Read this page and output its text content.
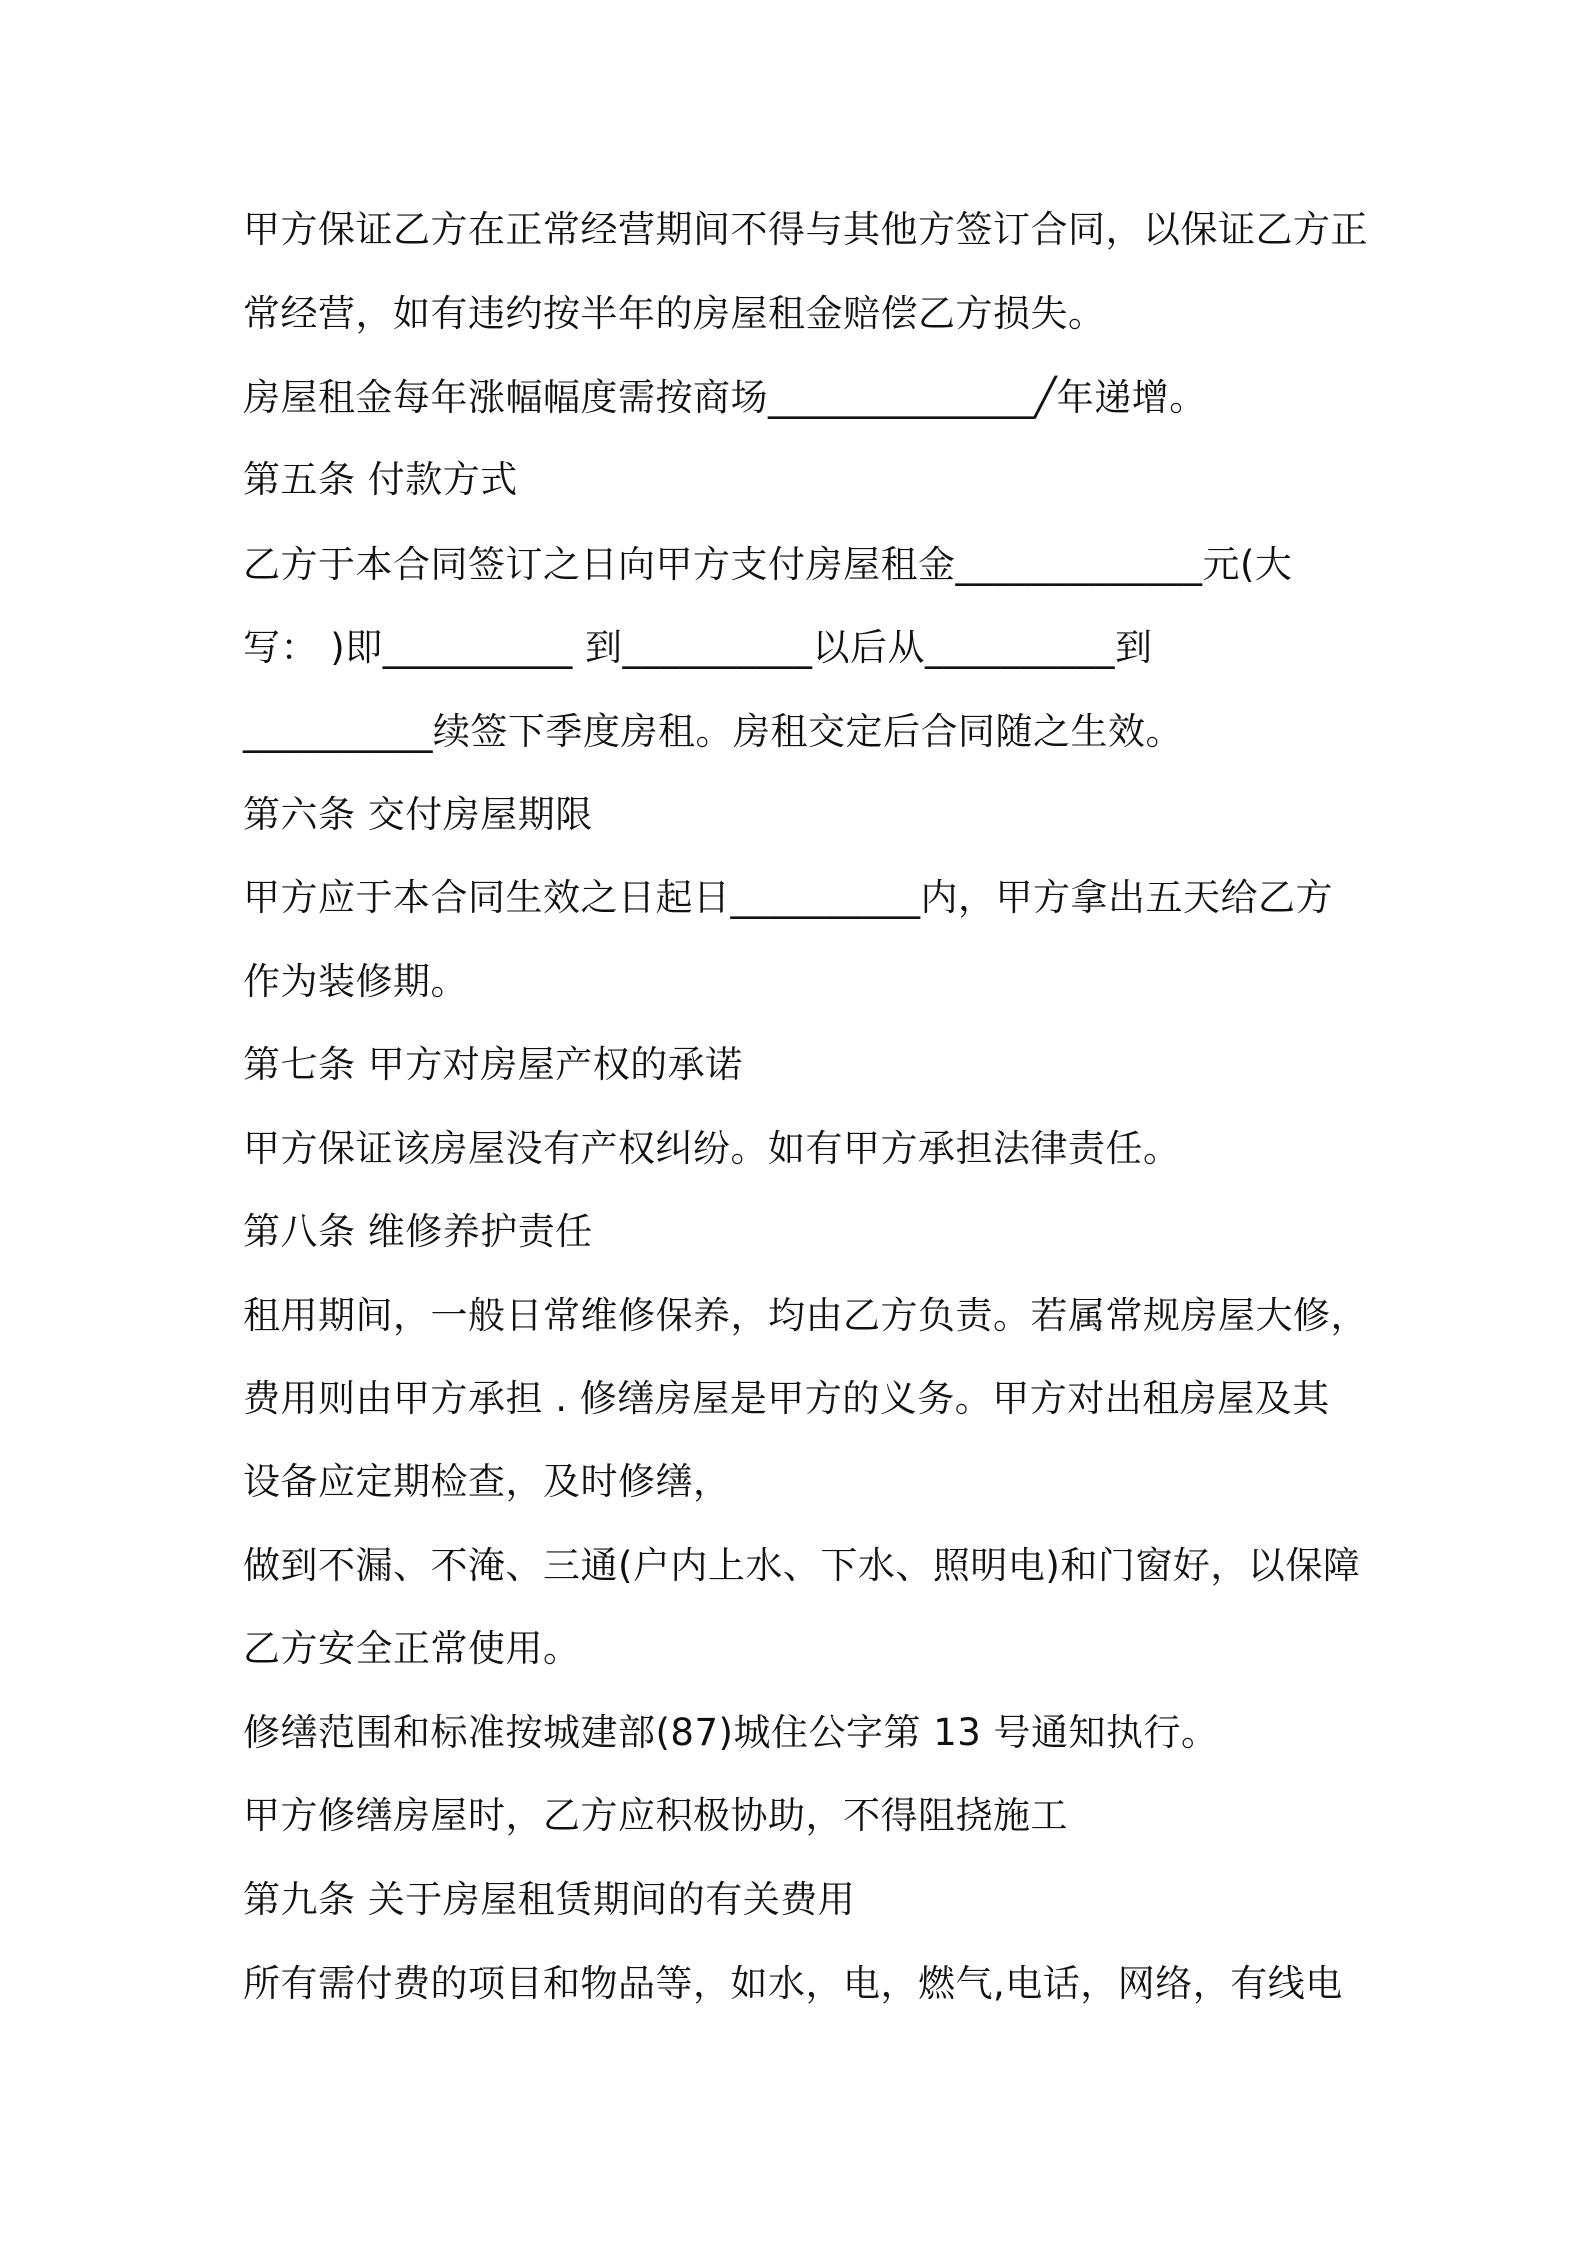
甲方保证乙方在正常经营期间不得与其他方签订合同，以保证乙方正
常经营，如有违约按半年的房屋租金赔偿乙方损失。
房屋租金每年涨幅幅度需按商场______________╱年递增。
第五条 付款方式
乙方于本合同签订之日向甲方支付房屋租金_____________元(大
写： )即__________ 到__________以后从__________到
__________续签下季度房租。房租交定后合同随之生效。
第六条 交付房屋期限
甲方应于本合同生效之日起日__________内，甲方拿出五天给乙方
作为装修期。
第七条 甲方对房屋产权的承诺
甲方保证该房屋没有产权纠纷。如有甲方承担法律责任。
第八条 维修养护责任
租用期间，一般日常维修保养，均由乙方负责。若属常规房屋大修，
费用则由甲方承担 . 修缮房屋是甲方的义务。甲方对出租房屋及其
设备应定期检查，及时修缮，
做到不漏、不淹、三通(户内上水、下水、照明电)和门窗好，以保障
乙方安全正常使用。
修缮范围和标准按城建部(87)城住公字第 13 号通知执行。
甲方修缮房屋时，乙方应积极协助，不得阻挠施工
第九条 关于房屋租赁期间的有关费用
所有需付费的项目和物品等，如水，电，燃气,电话，网络，有线电
